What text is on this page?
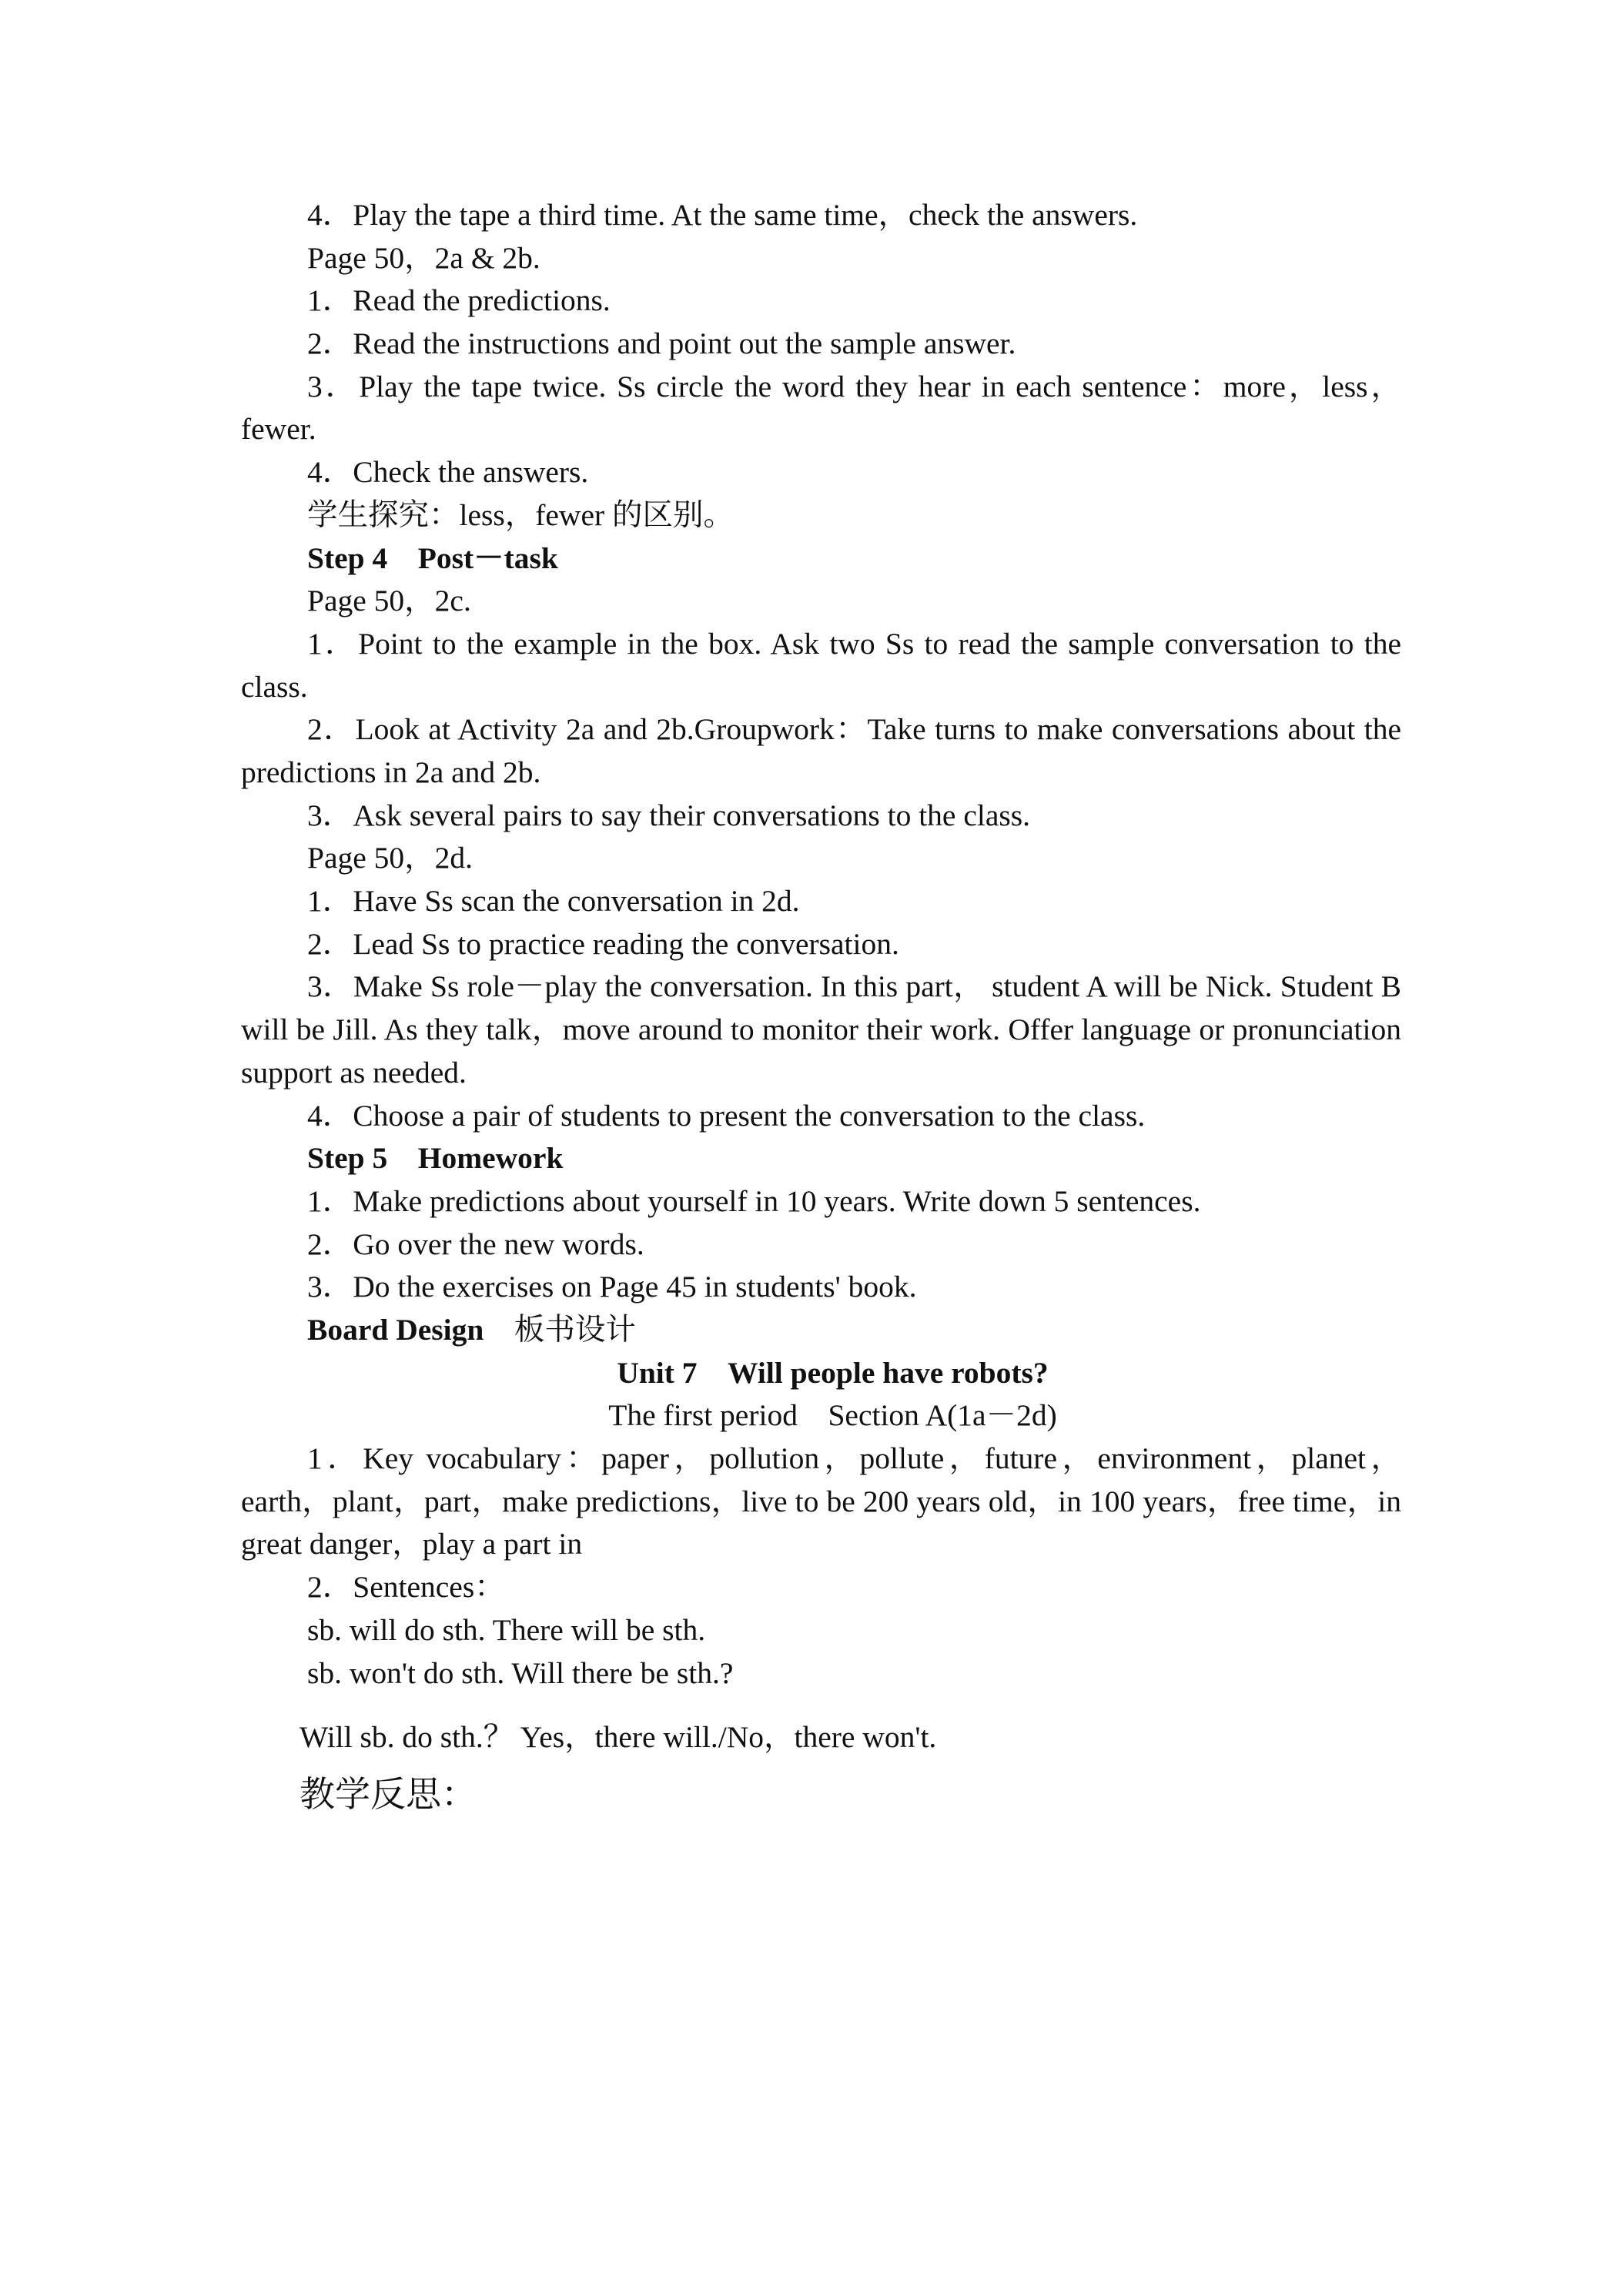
4．Play the tape a third time. At the same time，check the answers.
Page 50，2a & 2b.
1．Read the predictions.
2．Read the instructions and point out the sample answer.

3．Play the tape twice. Ss circle the word they hear in each sentence：more，less，fewer.

4．Check the answers.
学生探究：less，fewer 的区别。
Step 4　Post－task
Page 50，2c.

1．Point to the example in the box. Ask two Ss to read the sample conversation to the class.

2．Look at Activity 2a and 2b.Groupwork：Take turns to make conversations about the predictions in 2a and 2b.

3．Ask several pairs to say their conversations to the class.
Page 50，2d.
1．Have Ss scan the conversation in 2d.
2．Lead Ss to practice reading the conversation.

3．Make Ss role－play the conversation. In this part， student A will be Nick. Student B will be Jill. As they talk，move around to monitor their work. Offer language or pronunciation support as needed.

4．Choose a pair of students to present the conversation to the class.
Step 5　Homework
1．Make predictions about yourself in 10 years. Write down 5 sentences.
2．Go over the new words.
3．Do the exercises on Page 45 in students' book.
Board Design　 板书设计
Unit 7　Will people have robots?
The first period　Section A(1a－2d)

1．Key vocabulary：paper，pollution，pollute，future，environment，planet，earth，plant，part，make predictions，live to be 200 years old，in 100 years，free time，in great danger，play a part in

2．Sentences：
sb. will do sth. There will be sth.
sb. won't do sth. Will there be sth.?
Will sb. do sth.？ Yes，there will./No，there won't.
教学反思：
